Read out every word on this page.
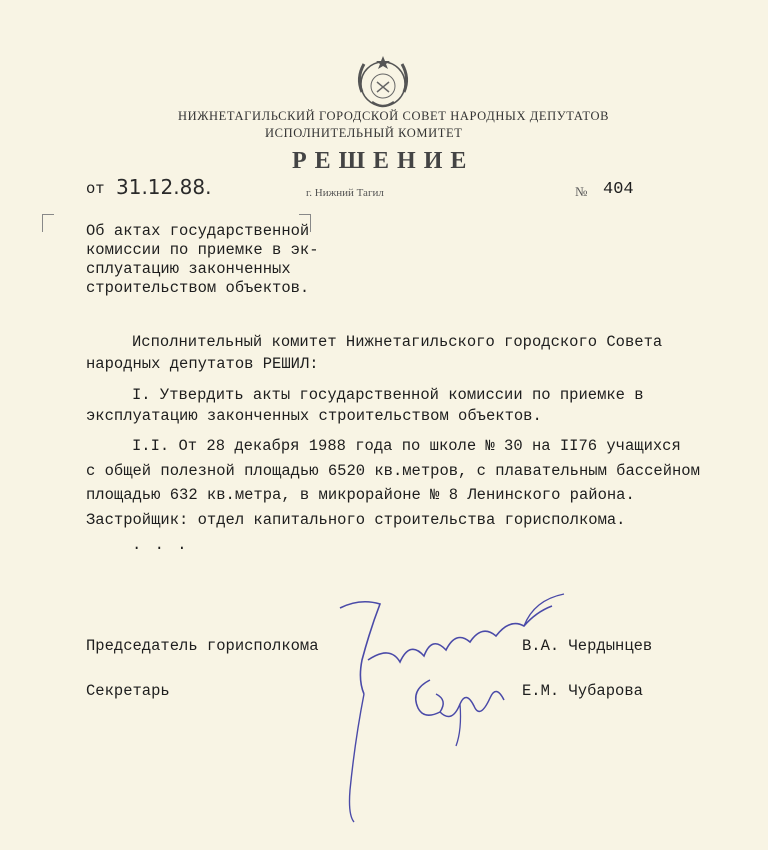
НИЖНЕТАГИЛЬСКИЙ ГОРОДСКОЙ СОВЕТ НАРОДНЫХ ДЕПУТАТОВ
ИСПОЛНИТЕЛЬНЫЙ КОМИТЕТ
РЕШЕНИЕ
от 31.12.88.	г. Нижний Тагил	№ 404
Об актах государственной
комиссии по приемке в эк-
сплуатацию законченных
строительством объектов.
Исполнительный комитет Нижнетагильского городского Совета
народных депутатов РЕШИЛ:
I. Утвердить акты государственной комиссии по приемке в
эксплуатацию законченных строительством объектов.
I.I. От 28 декабря 1988 года по школе № 30 на II76 учащихся
с общей полезной площадью 6520 кв.метров, с плавательным бассейном
площадью 632 кв.метра, в микрорайоне № 8 Ленинского района.
Застройщик: отдел капитального строительства горисполкома.
. . .
Председатель горисполкома	В.А. Чердынцев
Секретарь	Е.М. Чубарова
